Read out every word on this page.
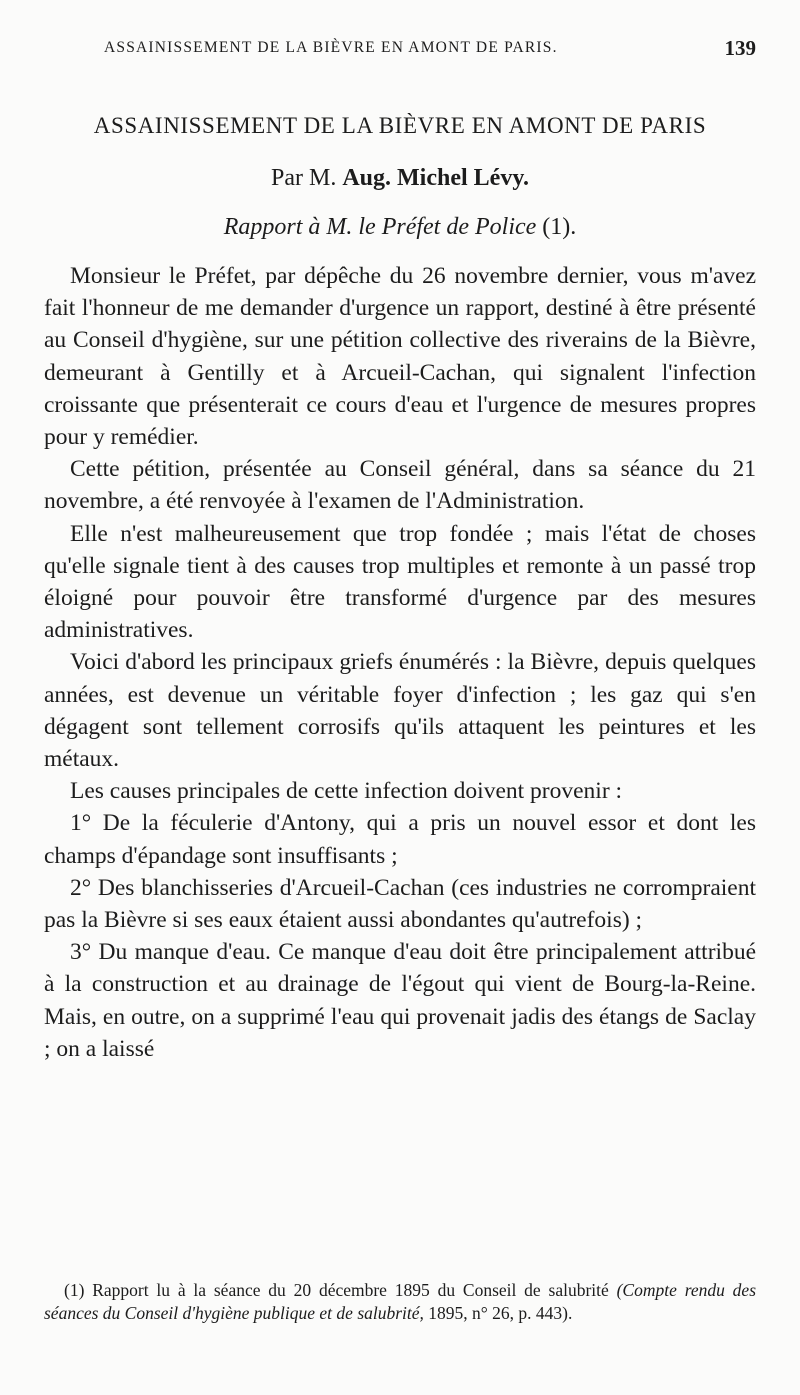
ASSAINISSEMENT DE LA BIÈVRE EN AMONT DE PARIS.	139
ASSAINISSEMENT DE LA BIÈVRE EN AMONT DE PARIS
Par M. Aug. Michel Lévy.
Rapport à M. le Préfet de Police (1).

Monsieur le Préfet, par dépêche du 26 novembre dernier, vous m'avez fait l'honneur de me demander d'urgence un rapport, destiné à être présenté au Conseil d'hygiène, sur une pétition collective des riverains de la Bièvre, demeurant à Gentilly et à Arcueil-Cachan, qui signalent l'infection croissante que présenterait ce cours d'eau et l'urgence de mesures propres pour y remédier.

Cette pétition, présentée au Conseil général, dans sa séance du 21 novembre, a été renvoyée à l'examen de l'Administration.

Elle n'est malheureusement que trop fondée ; mais l'état de choses qu'elle signale tient à des causes trop multiples et remonte à un passé trop éloigné pour pouvoir être transformé d'urgence par des mesures administratives.

Voici d'abord les principaux griefs énumérés : la Bièvre, depuis quelques années, est devenue un véritable foyer d'infection ; les gaz qui s'en dégagent sont tellement corrosifs qu'ils attaquent les peintures et les métaux.

Les causes principales de cette infection doivent provenir :

1° De la féculerie d'Antony, qui a pris un nouvel essor et dont les champs d'épandage sont insuffisants ;

2° Des blanchisseries d'Arcueil-Cachan (ces industries ne corrompraient pas la Bièvre si ses eaux étaient aussi abondantes qu'autrefois) ;

3° Du manque d'eau. Ce manque d'eau doit être principalement attribué à la construction et au drainage de l'égout qui vient de Bourg-la-Reine. Mais, en outre, on a supprimé l'eau qui provenait jadis des étangs de Saclay ; on a laissé

(1) Rapport lu à la séance du 20 décembre 1895 du Conseil de salubrité (Compte rendu des séances du Conseil d'hygiène publique et de salubrité, 1895, n° 26, p. 443).
